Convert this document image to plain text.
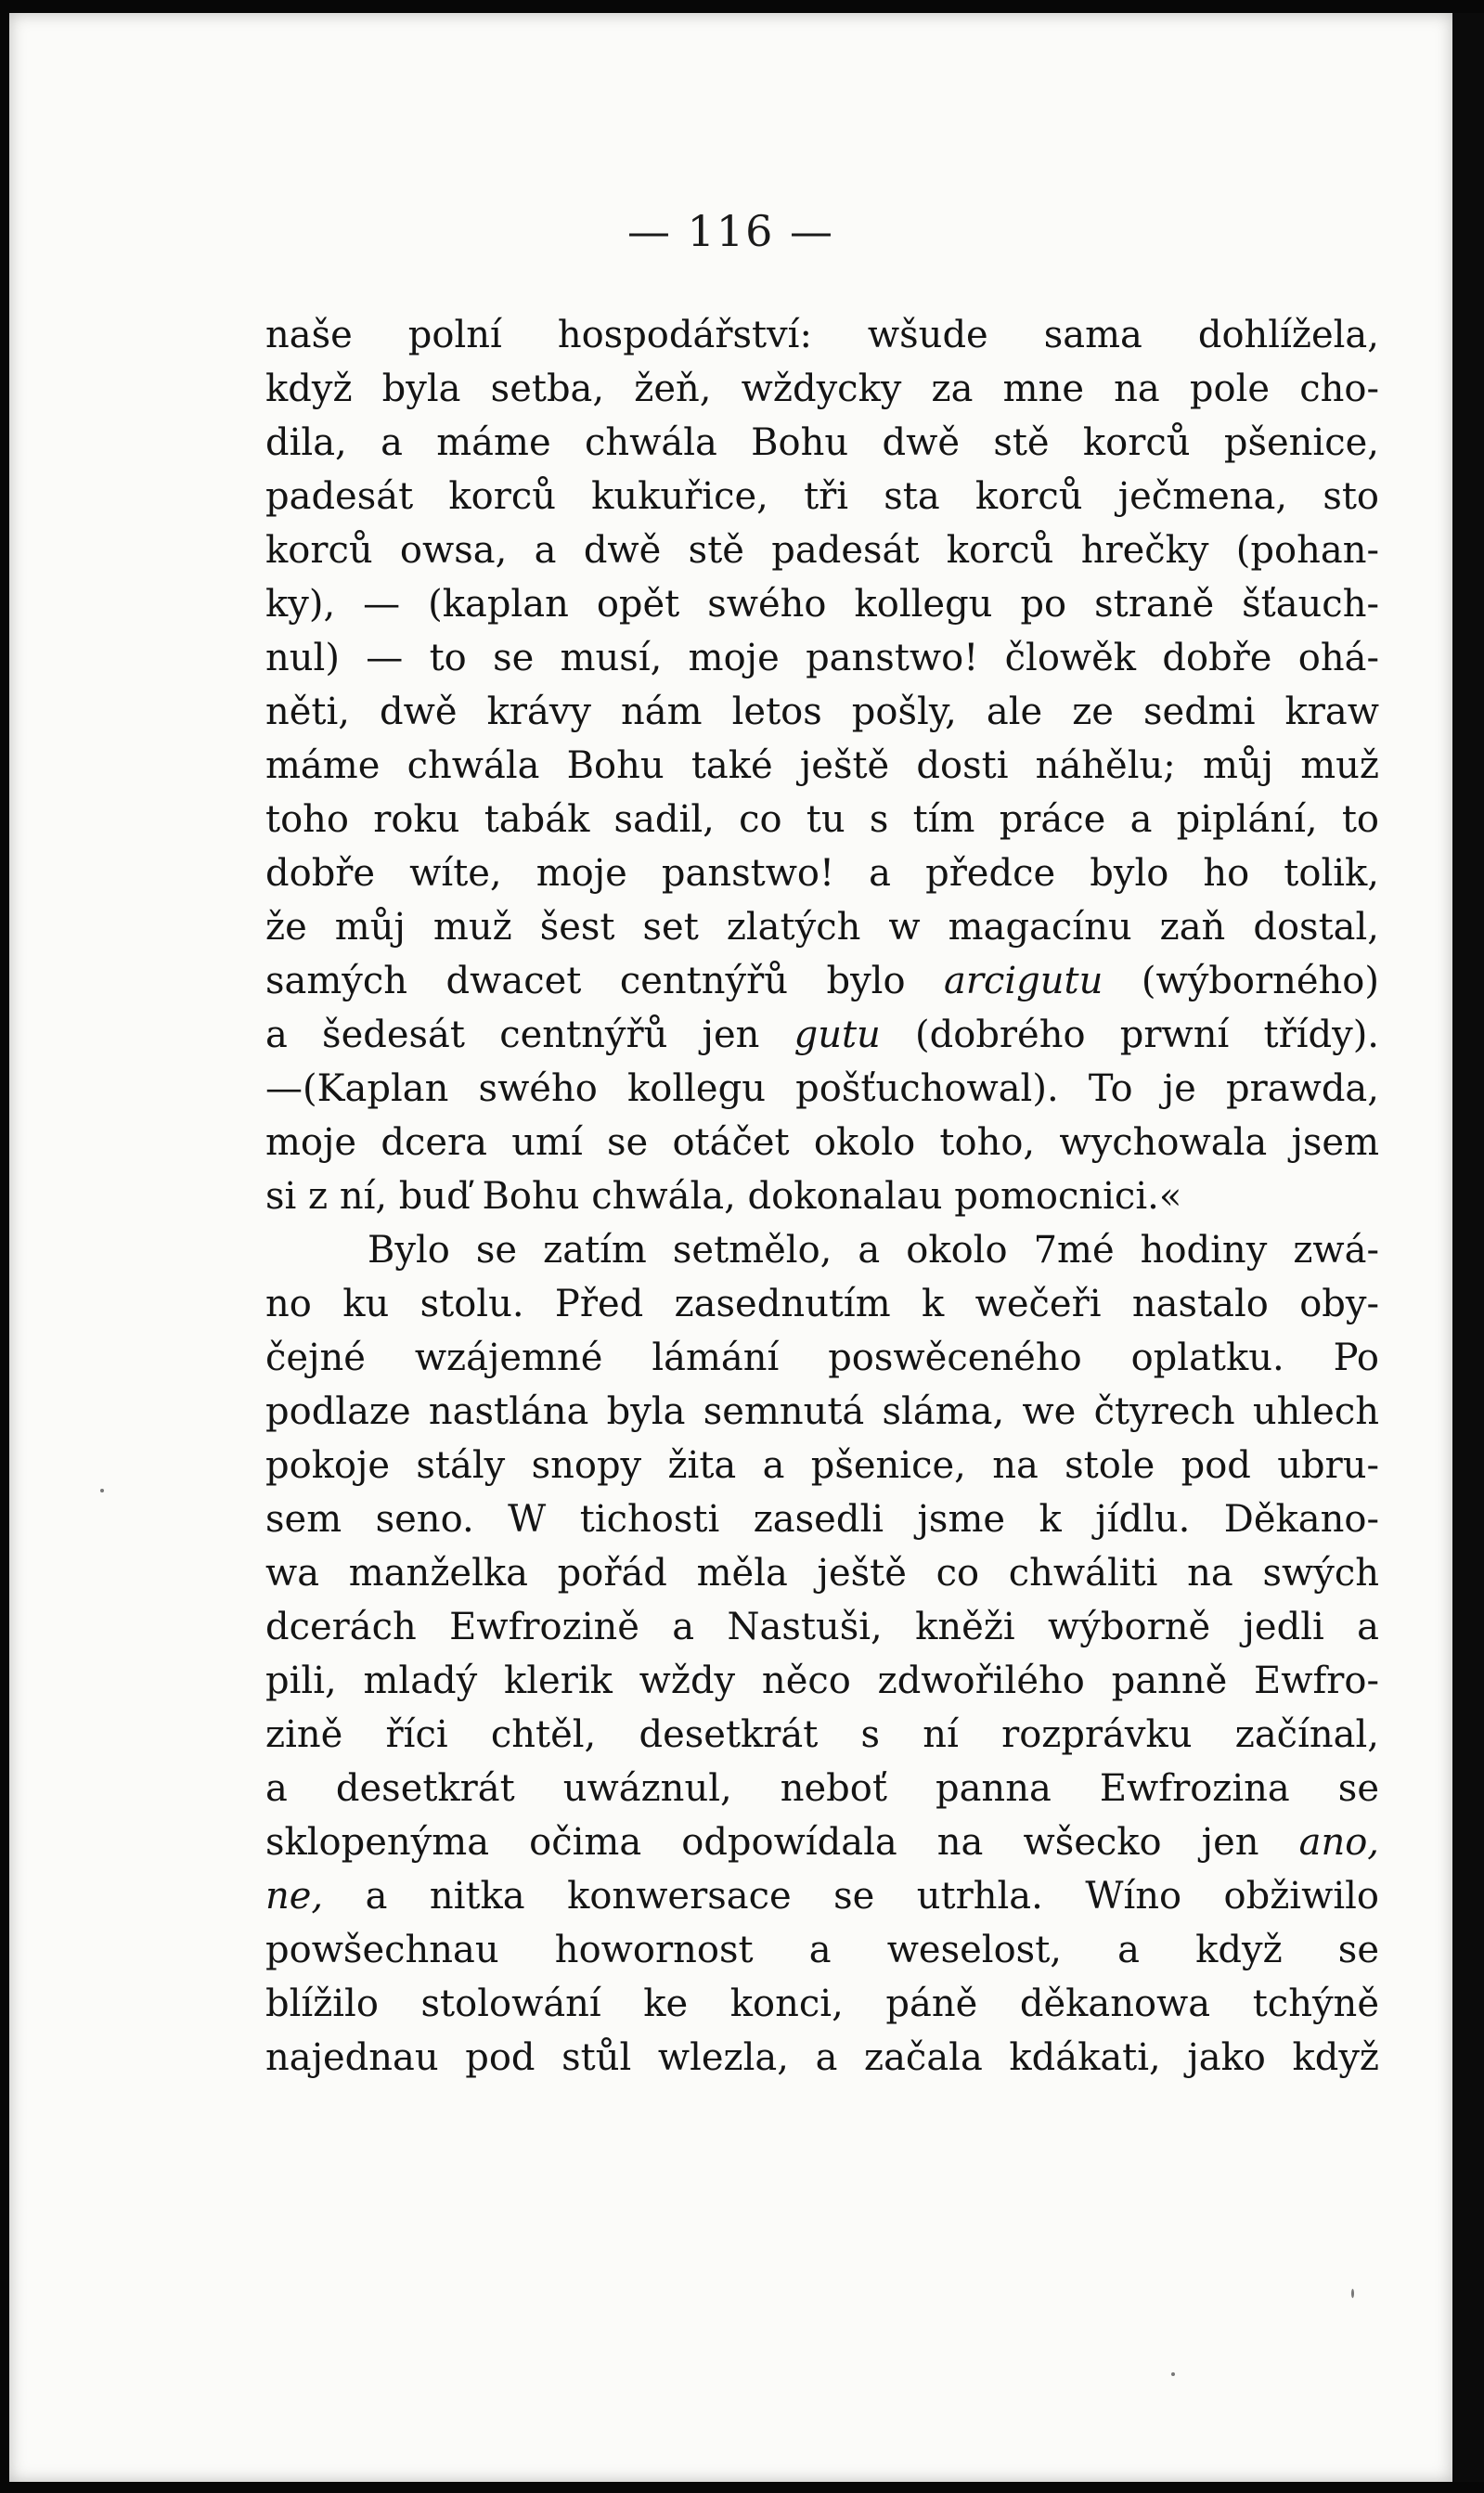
— 116 —
naše polní hospodářství: wšude sama dohlížela,
když byla setba, žeň, wždycky za mne na pole cho-
dila, a máme chwála Bohu dwě stě korců pšenice,
padesát korců kukuřice, tři sta korců ječmena, sto
korců owsa, a dwě stě padesát korců hrečky (pohan-
ky), — (kaplan opět swého kollegu po straně šťauch-
nul) — to se musí, moje panstwo! člowěk dobře ohá-
něti, dwě krávy nám letos pošly, ale ze sedmi kraw
máme chwála Bohu také ještě dosti náhělu; můj muž
toho roku tabák sadil, co tu s tím práce a piplání, to
dobře wíte, moje panstwo! a předce bylo ho tolik,
že můj muž šest set zlatých w magacínu zaň dostal,
samých dwacet centnýřů bylo arcigutu (wýborného)
a šedesát centnýřů jen gutu (dobrého prwní třídy).
—(Kaplan swého kollegu pošťuchowal). To je prawda,
moje dcera umí se otáčet okolo toho, wychowala jsem
si z ní, buď Bohu chwála, dokonalau pomocnici.«
Bylo se zatím setmělo, a okolo 7mé hodiny zwá-
no ku stolu. Před zasednutím k wečeři nastalo oby-
čejné wzájemné lámání poswěceného oplatku. Po
podlaze nastlána byla semnutá sláma, we čtyrech uhlech
pokoje stály snopy žita a pšenice, na stole pod ubru-
sem seno. W tichosti zasedli jsme k jídlu. Děkano-
wa manželka pořád měla ještě co chwáliti na swých
dcerách Ewfrozině a Nastuši, kněži wýborně jedli a
pili, mladý klerik wždy něco zdwořilého panně Ewfro-
zině říci chtěl, desetkrát s ní rozprávku začínal,
a desetkrát uwáznul, neboť panna Ewfrozina se
sklopenýma očima odpowídala na wšecko jen ano,
ne, a nitka konwersace se utrhla. Wíno obžiwilo
powšechnau howornost a weselost, a když se
blížilo stolowání ke konci, páně děkanowa tchýně
najednau pod stůl wlezla, a začala kdákati, jako když
